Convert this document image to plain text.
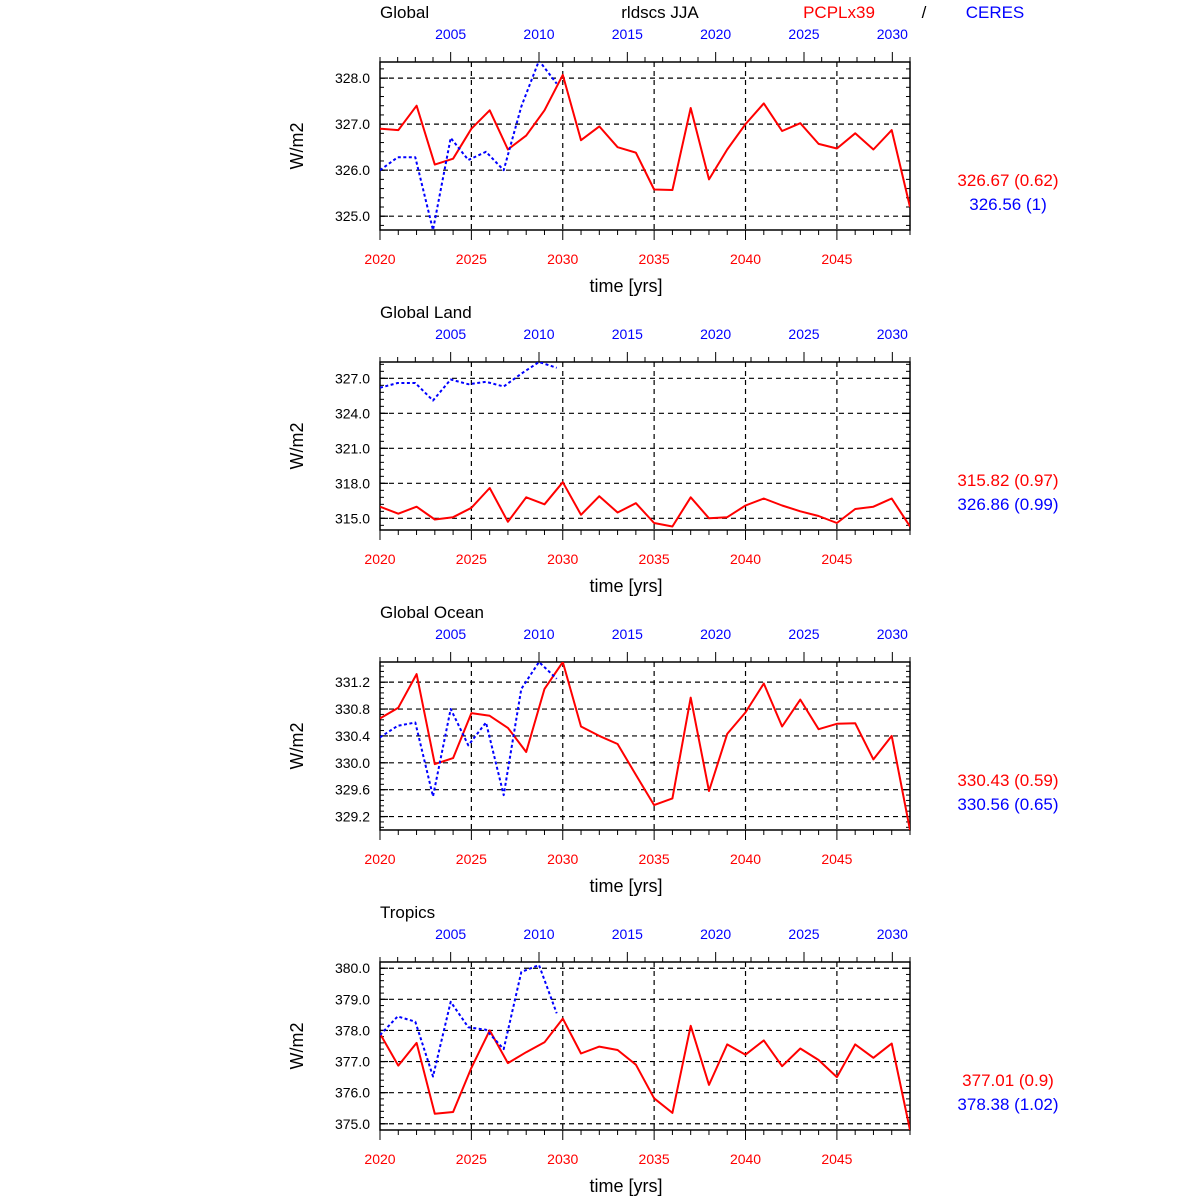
Global	rldscs JJA	PCPLx39	/ CERES
325.0
326.0
327.0
328.0
2020	2025	2030	2035	2040	2045
2005	2010	2015	2020	2025	2030
326.67 (0.62)
326.56 (1)
W/m2
time [yrs]
Global Land
315.0
318.0
321.0
324.0
327.0
2020	2025	2030	2035	2040	2045
2005	2010	2015	2020	2025	2030
315.82 (0.97)
326.86 (0.99)
W/m2
time [yrs]
Global Ocean
329.2
329.6
330.0
330.4
330.8
331.2
2020	2025	2030	2035	2040	2045
2005	2010	2015	2020	2025	2030
330.43 (0.59)
330.56 (0.65)
W/m2
time [yrs]
Tropics
375.0
376.0
377.0
378.0
379.0
380.0
2020	2025	2030	2035	2040	2045
2005	2010	2015	2020	2025	2030
377.01 (0.9)
378.38 (1.02)
W/m2
time [yrs]
